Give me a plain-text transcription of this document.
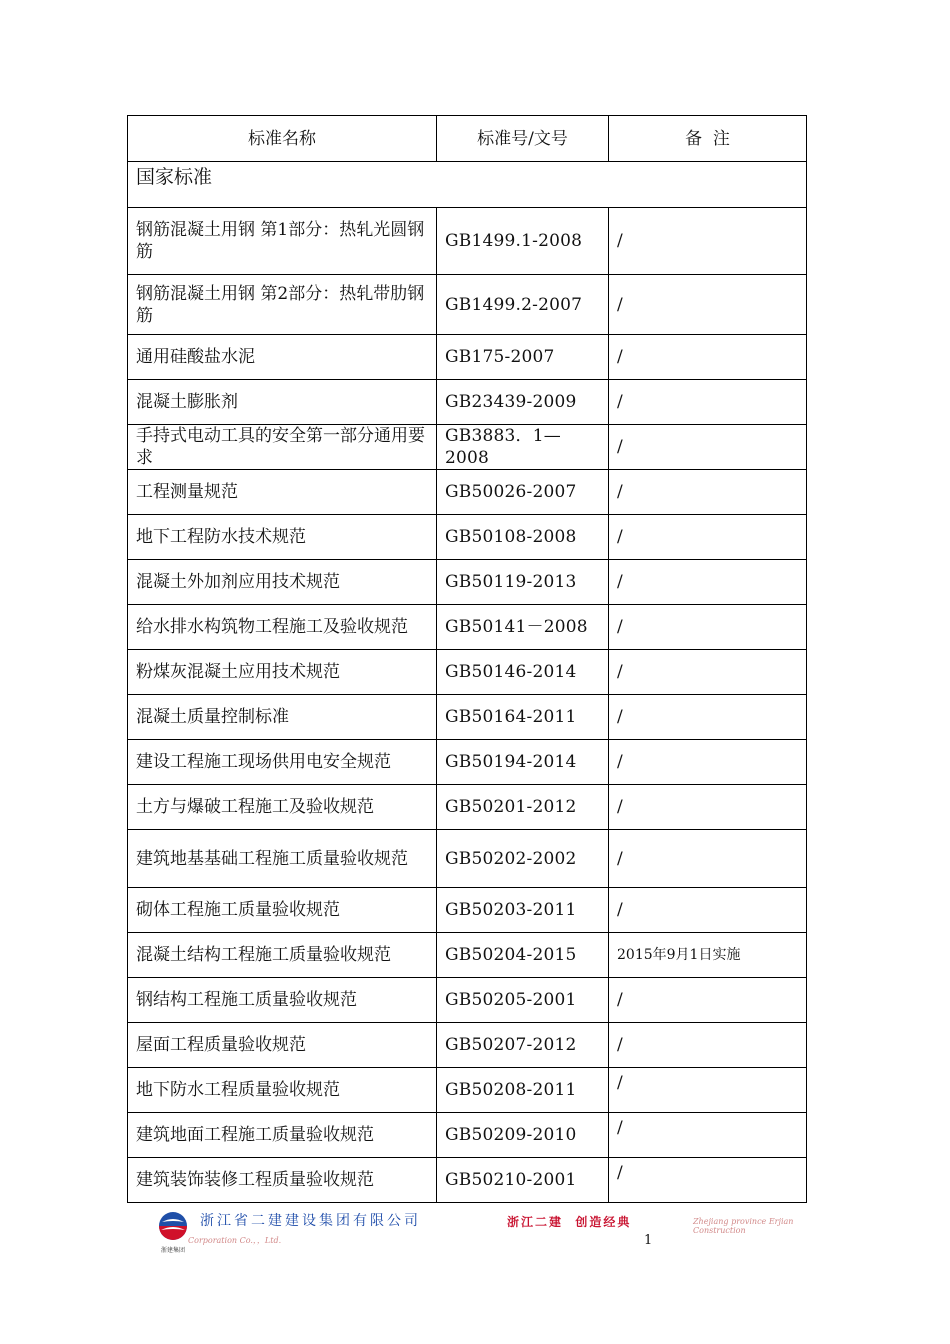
标准名称	标准号/文号	备  注
国家标准		
钢筋混凝土用钢 第1部分：热轧光圆钢筋	GB1499.1-2008	/
钢筋混凝土用钢 第2部分：热轧带肋钢筋	GB1499.2-2007	/
通用硅酸盐水泥	GB175-2007	/
混凝土膨胀剂	GB23439-2009	/
手持式电动工具的安全第一部分通用要求	GB3883．1—2008	/
工程测量规范	GB50026-2007	/
地下工程防水技术规范	GB50108-2008	/
混凝土外加剂应用技术规范	GB50119-2013	/
给水排水构筑物工程施工及验收规范	GB50141－2008	/
粉煤灰混凝土应用技术规范	GB50146-2014	/
混凝土质量控制标准	GB50164-2011	/
建设工程施工现场供用电安全规范	GB50194-2014	/
土方与爆破工程施工及验收规范	GB50201-2012	/
建筑地基基础工程施工质量验收规范	GB50202-2002	/
砌体工程施工质量验收规范	GB50203-2011	/
混凝土结构工程施工质量验收规范	GB50204-2015	2015年9月1日实施
钢结构工程施工质量验收规范	GB50205-2001	/
屋面工程质量验收规范	GB50207-2012	/
地下防水工程质量验收规范	GB50208-2011	/
建筑地面工程施工质量验收规范	GB50209-2010	/
建筑装饰装修工程质量验收规范	GB50210-2001	/
浙建集团
浙江省二建建设集团有限公司
Corporation Co.，，Ltd.
浙江二建  创造经典	Zhejiang province Erjian Construction
1
